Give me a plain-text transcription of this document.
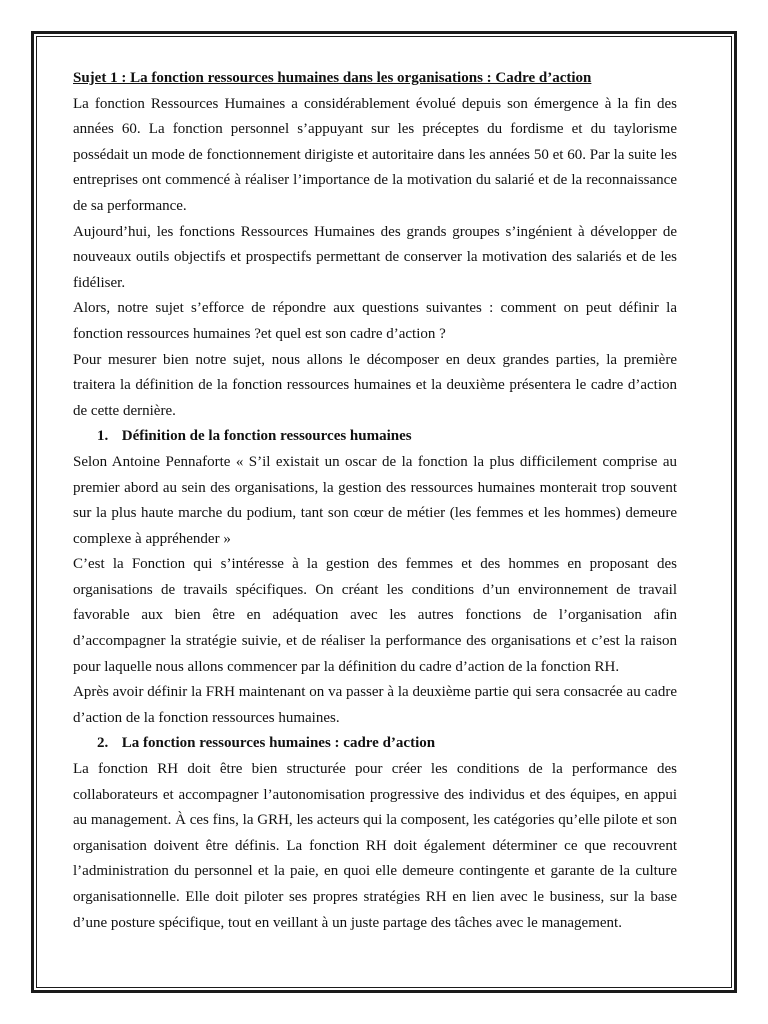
Sujet 1 : La fonction ressources humaines dans les organisations : Cadre d’action

La fonction Ressources Humaines a considérablement évolué depuis son émergence à la fin des années 60. La fonction personnel s’appuyant sur les préceptes du fordisme et du taylorisme possédait un mode de fonctionnement dirigiste et autoritaire dans les années 50 et 60. Par la suite les entreprises ont commencé à réaliser l’importance de la motivation du salarié et de la reconnaissance de sa performance.

Aujourd’hui, les fonctions Ressources Humaines des grands groupes s’ingénient à développer de nouveaux outils objectifs et prospectifs permettant de conserver la motivation des salariés et de les fidéliser.

Alors, notre sujet s’efforce de répondre aux questions suivantes : comment on peut définir la fonction ressources humaines ?et quel est son cadre d’action ?

Pour mesurer bien notre sujet, nous allons le décomposer en deux grandes parties, la première traitera la définition de la fonction ressources humaines et la deuxième présentera le cadre d’action de cette dernière.

1. Définition de la fonction ressources humaines

Selon Antoine Pennaforte « S’il existait un oscar de la fonction la plus difficilement comprise au premier abord au sein des organisations, la gestion des ressources humaines monterait trop souvent sur la plus haute marche du podium, tant son cœur de métier (les femmes et les hommes) demeure complexe à appréhender »

C’est la Fonction qui s’intéresse à la gestion des femmes et des hommes en proposant des organisations de travails spécifiques. On créant les conditions d’un environnement de travail favorable aux bien être en adéquation avec les autres fonctions de l’organisation afin d’accompagner la stratégie suivie, et de réaliser la performance des organisations et c’est la raison pour laquelle nous allons commencer par la définition du cadre d’action de la fonction RH.

Après avoir définir la FRH maintenant on va passer à la deuxième partie qui sera consacrée au cadre d’action de la fonction ressources humaines.

2. La fonction ressources humaines : cadre d’action

La fonction RH doit être bien structurée pour créer les conditions de la performance des collaborateurs et accompagner l’autonomisation progressive des individus et des équipes, en appui au management. À ces fins, la GRH, les acteurs qui la composent, les catégories qu’elle pilote et son organisation doivent être définis. La fonction RH doit également déterminer ce que recouvrent l’administration du personnel et la paie, en quoi elle demeure contingente et garante de la culture organisationnelle. Elle doit piloter ses propres stratégies RH en lien avec le business, sur la base d’une posture spécifique, tout en veillant à un juste partage des tâches avec le management.
